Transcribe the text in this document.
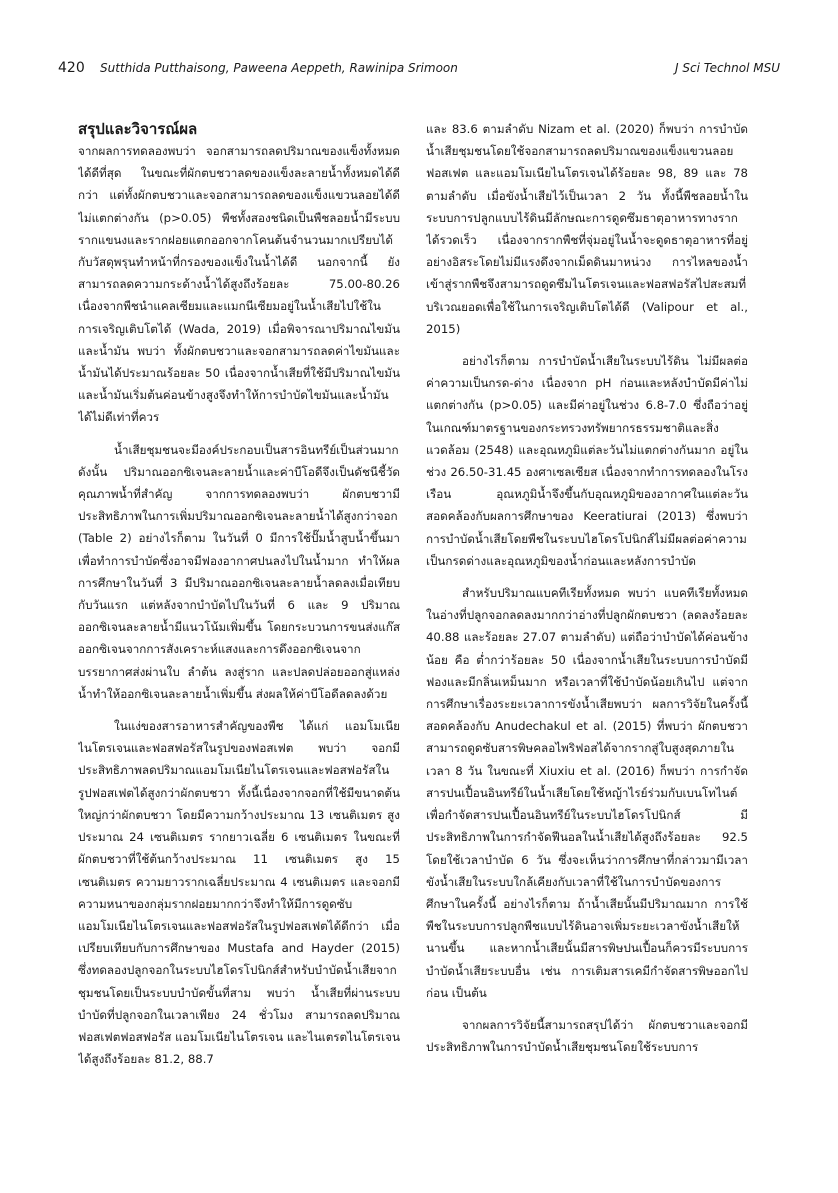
420 Sutthida Putthaisong, Paweena Aeppeth, Rawinipa Srimoon	J Sci Technol MSU
สรุปและวิจารณ์ผล

จากผลการทดลองพบว่า จอกสามารถลดปริมาณของแข็งทั้งหมดได้ดีที่สุด ในขณะที่ผักตบชวาลดของแข็งละลายน้ำทั้งหมดได้ดีกว่า แต่ทั้งผักตบชวาและจอกสามารถลดของแข็งแขวนลอยได้ดีไม่แตกต่างกัน (p>0.05) พืชทั้งสองชนิดเป็นพืชลอยน้ำมีระบบรากแขนงและรากฝอยแตกออกจากโคนต้นจำนวนมากเปรียบได้กับวัสดุพรุนทำหน้าที่กรองของแข็งในน้ำได้ดี นอกจากนี้ ยังสามารถลดความกระด้างน้ำได้สูงถึงร้อยละ 75.00-80.26 เนื่องจากพืชนำแคลเซียมและแมกนีเซียมอยู่ในน้ำเสียไปใช้ในการเจริญเติบโตได้ (Wada, 2019) เมื่อพิจารณาปริมาณไขมันและน้ำมัน พบว่า ทั้งผักตบชวาและจอกสามารถลดค่าไขมันและน้ำมันได้ประมาณร้อยละ 50 เนื่องจากน้ำเสียที่ใช้มีปริมาณไขมันและน้ำมันเริ่มต้นค่อนข้างสูงจึงทำให้การบำบัดไขมันและน้ำมันได้ไม่ดีเท่าที่ควร

น้ำเสียชุมชนจะมีองค์ประกอบเป็นสารอินทรีย์เป็นส่วนมาก ดังนั้น ปริมาณออกซิเจนละลายน้ำและค่าบีโอดีจึงเป็นดัชนีชี้วัดคุณภาพน้ำที่สำคัญ จากการทดลองพบว่า ผักตบชวามีประสิทธิภาพในการเพิ่มปริมาณออกซิเจนละลายน้ำได้สูงกว่าจอก (Table 2) อย่างไรก็ตาม ในวันที่ 0 มีการใช้ปั๊มน้ำสูบน้ำขึ้นมาเพื่อทำการบำบัดซึ่งอาจมีฟองอากาศปนลงไปในน้ำมาก ทำให้ผลการศึกษาในวันที่ 3 มีปริมาณออกซิเจนละลายน้ำลดลงเมื่อเทียบกับวันแรก แต่หลังจากบำบัดไปในวันที่ 6 และ 9 ปริมาณออกซิเจนละลายน้ำมีแนวโน้มเพิ่มขึ้น โดยกระบวนการขนส่งแก๊สออกซิเจนจากการสังเคราะห์แสงและการดึงออกซิเจนจากบรรยากาศส่งผ่านใบ ลำต้น ลงสู่ราก และปลดปล่อยออกสู่แหล่งน้ำทำให้ออกซิเจนละลายน้ำเพิ่มขึ้น ส่งผลให้ค่าบีโอดีลดลงด้วย

ในแง่ของสารอาหารสำคัญของพืช ได้แก่ แอมโมเนียไนโตรเจนและฟอสฟอรัสในรูปของฟอสเฟต พบว่า จอกมีประสิทธิภาพลดปริมาณแอมโมเนียไนโตรเจนและฟอสฟอรัสในรูปฟอสเฟตได้สูงกว่าผักตบชวา ทั้งนี้เนื่องจากจอกที่ใช้มีขนาดต้นใหญ่กว่าผักตบชวา โดยมีความกว้างประมาณ 13 เซนติเมตร สูงประมาณ 24 เซนติเมตร รากยาวเฉลี่ย 6 เซนติเมตร ในขณะที่ผักตบชวาที่ใช้ต้นกว้างประมาณ 11 เซนติเมตร สูง 15 เซนติเมตร ความยาวรากเฉลี่ยประมาณ 4 เซนติเมตร และจอกมีความหนาของกลุ่มรากฝอยมากกว่าจึงทำให้มีการดูดซับแอมโมเนียไนโตรเจนและฟอสฟอรัสในรูปฟอสเฟตได้ดีกว่า เมื่อเปรียบเทียบกับการศึกษาของ Mustafa and Hayder (2015) ซึ่งทดลองปลูกจอกในระบบไฮโดรโปนิกส์สำหรับบำบัดน้ำเสียจากชุมชนโดยเป็นระบบบำบัดขั้นที่สาม พบว่า น้ำเสียที่ผ่านระบบบำบัดที่ปลูกจอกในเวลาเพียง 24 ชั่วโมง สามารถลดปริมาณฟอสเฟตฟอสฟอรัส แอมโมเนียไนโตรเจน และไนเตรตไนโตรเจน ได้สูงถึงร้อยละ 81.2, 88.7

และ 83.6 ตามลำดับ Nizam et al. (2020) ก็พบว่า การบำบัดน้ำเสียชุมชนโดยใช้จอกสามารถลดปริมาณของแข็งแขวนลอย ฟอสเฟต และแอมโมเนียไนโตรเจนได้ร้อยละ 98, 89 และ 78 ตามลำดับ เมื่อขังน้ำเสียไว้เป็นเวลา 2 วัน ทั้งนี้พืชลอยน้ำในระบบการปลูกแบบไร้ดินมีลักษณะการดูดซึมธาตุอาหารทางรากได้รวดเร็ว เนื่องจากรากพืชที่จุ่มอยู่ในน้ำจะดูดธาตุอาหารที่อยู่อย่างอิสระโดยไม่มีแรงดึงจากเม็ดดินมาหน่วง การไหลของน้ำเข้าสู่รากพืชจึงสามารถดูดซึมไนโตรเจนและฟอสฟอรัสไปสะสมที่บริเวณยอดเพื่อใช้ในการเจริญเติบโตได้ดี (Valipour et al., 2015)

อย่างไรก็ตาม การบำบัดน้ำเสียในระบบไร้ดิน ไม่มีผลต่อค่าความเป็นกรด-ด่าง เนื่องจาก pH ก่อนและหลังบำบัดมีค่าไม่แตกต่างกัน (p>0.05) และมีค่าอยู่ในช่วง 6.8-7.0 ซึ่งถือว่าอยู่ในเกณฑ์มาตรฐานของกระทรวงทรัพยากรธรรมชาติและสิ่งแวดล้อม (2548) และอุณหภูมิแต่ละวันไม่แตกต่างกันมาก อยู่ในช่วง 26.50-31.45 องศาเซลเซียส เนื่องจากทำการทดลองในโรงเรือน อุณหภูมิน้ำจึงขึ้นกับอุณหภูมิของอากาศในแต่ละวัน สอดคล้องกับผลการศึกษาของ Keeratiurai (2013) ซึ่งพบว่า การบำบัดน้ำเสียโดยพืชในระบบไฮโดรโปนิกส์ไม่มีผลต่อค่าความเป็นกรดด่างและอุณหภูมิของน้ำก่อนและหลังการบำบัด

สำหรับปริมาณแบคทีเรียทั้งหมด พบว่า แบคทีเรียทั้งหมดในอ่างที่ปลูกจอกลดลงมากกว่าอ่างที่ปลูกผักตบชวา (ลดลงร้อยละ 40.88 และร้อยละ 27.07 ตามลำดับ) แต่ถือว่าบำบัดได้ค่อนข้างน้อย คือ ต่ำกว่าร้อยละ 50 เนื่องจากน้ำเสียในระบบการบำบัดมีฟองและมีกลิ่นเหม็นมาก หรือเวลาที่ใช้บำบัดน้อยเกินไป แต่จากการศึกษาเรื่องระยะเวลาการขังน้ำเสียพบว่า ผลการวิจัยในครั้งนี้สอดคล้องกับ Anudechakul et al. (2015) ที่พบว่า ผักตบชวาสามารถดูดซับสารพิษคลอไพริฟอสได้จากรากสู่ใบสูงสุดภายในเวลา 8 วัน ในขณะที่ Xiuxiu et al. (2016) ก็พบว่า การกำจัดสารปนเปื้อนอินทรีย์ในน้ำเสียโดยใช้หญ้าไรย์ร่วมกับเบนโทไนต์เพื่อกำจัดสารปนเปื้อนอินทรีย์ในระบบไฮโดรโปนิกส์ มีประสิทธิภาพในการกำจัดฟีนอลในน้ำเสียได้สูงถึงร้อยละ 92.5 โดยใช้เวลาบำบัด 6 วัน ซึ่งจะเห็นว่าการศึกษาที่กล่าวมามีเวลาขังน้ำเสียในระบบใกล้เคียงกับเวลาที่ใช้ในการบำบัดของการศึกษาในครั้งนี้ อย่างไรก็ตาม ถ้าน้ำเสียนั้นมีปริมาณมาก การใช้พืชในระบบการปลูกพืชแบบไร้ดินอาจเพิ่มระยะเวลาขังน้ำเสียให้นานขึ้น และหากน้ำเสียนั้นมีสารพิษปนเปื้อนก็ควรมีระบบการบำบัดน้ำเสียระบบอื่น เช่น การเติมสารเคมีกำจัดสารพิษออกไปก่อน เป็นต้น

จากผลการวิจัยนี้สามารถสรุปได้ว่า ผักตบชวาและจอกมีประสิทธิภาพในการบำบัดน้ำเสียชุมชนโดยใช้ระบบการ
